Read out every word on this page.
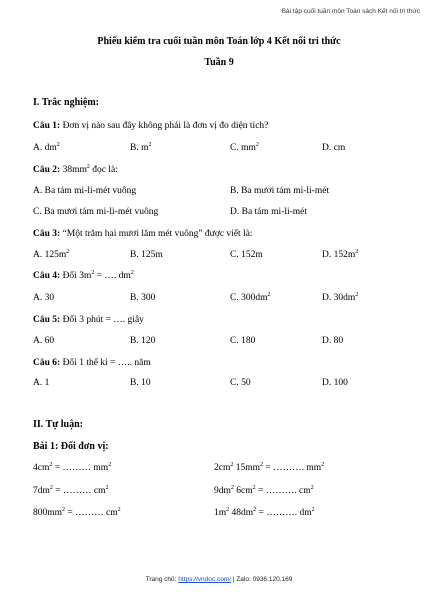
Bài tập cuối tuần môn Toán sách Kết nối tri thức
Phiếu kiểm tra cuối tuần môn Toán lớp 4 Kết nối tri thức
Tuần 9
I. Trắc nghiệm:
Câu 1: Đơn vị nào sau đây không phải là đơn vị đo diện tích?
A. $dm^2$	B. $m^2$	C. $mm^2$	D. cm
Câu 2: $38mm^2$ đọc là:
A. Ba tám mi-li-mét vuông	B. Ba mươi tám mi-li-mét
C. Ba mươi tám mi-li-mét vuông	D. Ba tám mi-li-mét
Câu 3: “Một trăm hai mươi lăm mét vuông” được viết là:
A. $125m^2$	B. 125m	C. 152m	D. $152m^2$
Câu 4: Đổi $3m^2$ = …. $dm^2$
A. 30	B. 300	C. $300dm^2$	D. $30dm^2$
Câu 5: Đổi 3 phút = …. giây
A. 60	B. 120	C. 180	D. 80
Câu 6: Đổi 1 thế kỉ = ….. năm
A. 1	B. 10	C. 50	D. 100
II. Tự luận:
Bài 1: Đổi đơn vị:
$4cm^2$ = ……… $mm^2$	$2cm^2$ $15mm^2$ = ………. $mm^2$
$7dm^2$ = ……… $cm^2$	$9dm^2$ $6cm^2$ = ………. $cm^2$
$800mm^2$ = ……… $cm^2$	$1m^2$ $48dm^2$ = ………. $dm^2$
Trang chủ: https://vndoc.com/ | Zalo: 0936.120.169
